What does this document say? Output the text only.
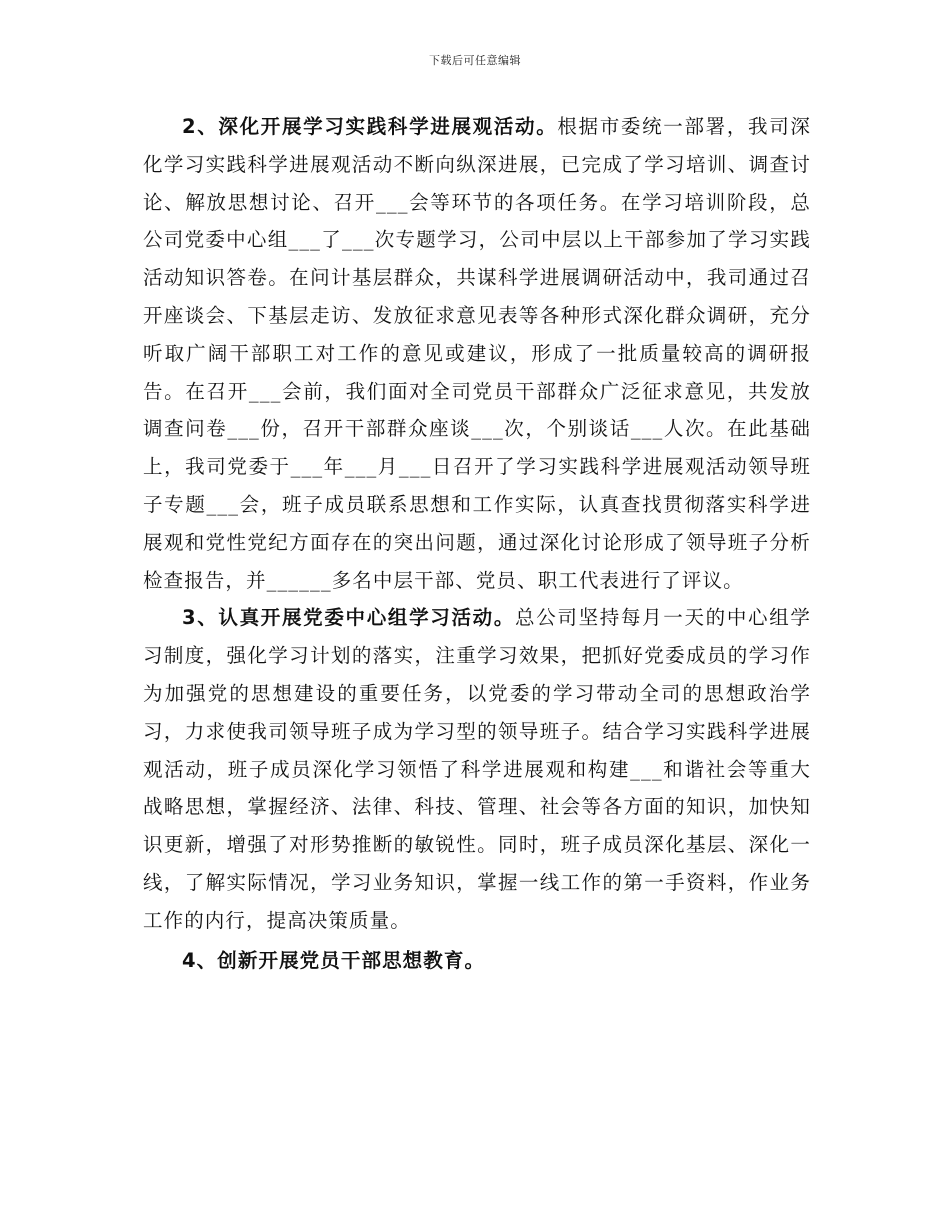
下载后可任意编辑

2、深化开展学习实践科学进展观活动。根据市委统一部署，我司深化学习实践科学进展观活动不断向纵深进展，已完成了学习培训、调查讨论、解放思想讨论、召开___会等环节的各项任务。在学习培训阶段，总公司党委中心组___了___次专题学习，公司中层以上干部参加了学习实践活动知识答卷。在问计基层群众，共谋科学进展调研活动中，我司通过召开座谈会、下基层走访、发放征求意见表等各种形式深化群众调研，充分听取广阔干部职工对工作的意见或建议，形成了一批质量较高的调研报告。在召开___会前，我们面对全司党员干部群众广泛征求意见，共发放调查问卷___份，召开干部群众座谈___次，个别谈话___人次。在此基础上，我司党委于___年___月___日召开了学习实践科学进展观活动领导班子专题___会，班子成员联系思想和工作实际，认真查找贯彻落实科学进展观和党性党纪方面存在的突出问题，通过深化讨论形成了领导班子分析检查报告，并______多名中层干部、党员、职工代表进行了评议。

3、认真开展党委中心组学习活动。总公司坚持每月一天的中心组学习制度，强化学习计划的落实，注重学习效果，把抓好党委成员的学习作为加强党的思想建设的重要任务，以党委的学习带动全司的思想政治学习，力求使我司领导班子成为学习型的领导班子。结合学习实践科学进展观活动，班子成员深化学习领悟了科学进展观和构建___和谐社会等重大战略思想，掌握经济、法律、科技、管理、社会等各方面的知识，加快知识更新，增强了对形势推断的敏锐性。同时，班子成员深化基层、深化一线，了解实际情况，学习业务知识，掌握一线工作的第一手资料，作业务工作的内行，提高决策质量。

4、创新开展党员干部思想教育。
